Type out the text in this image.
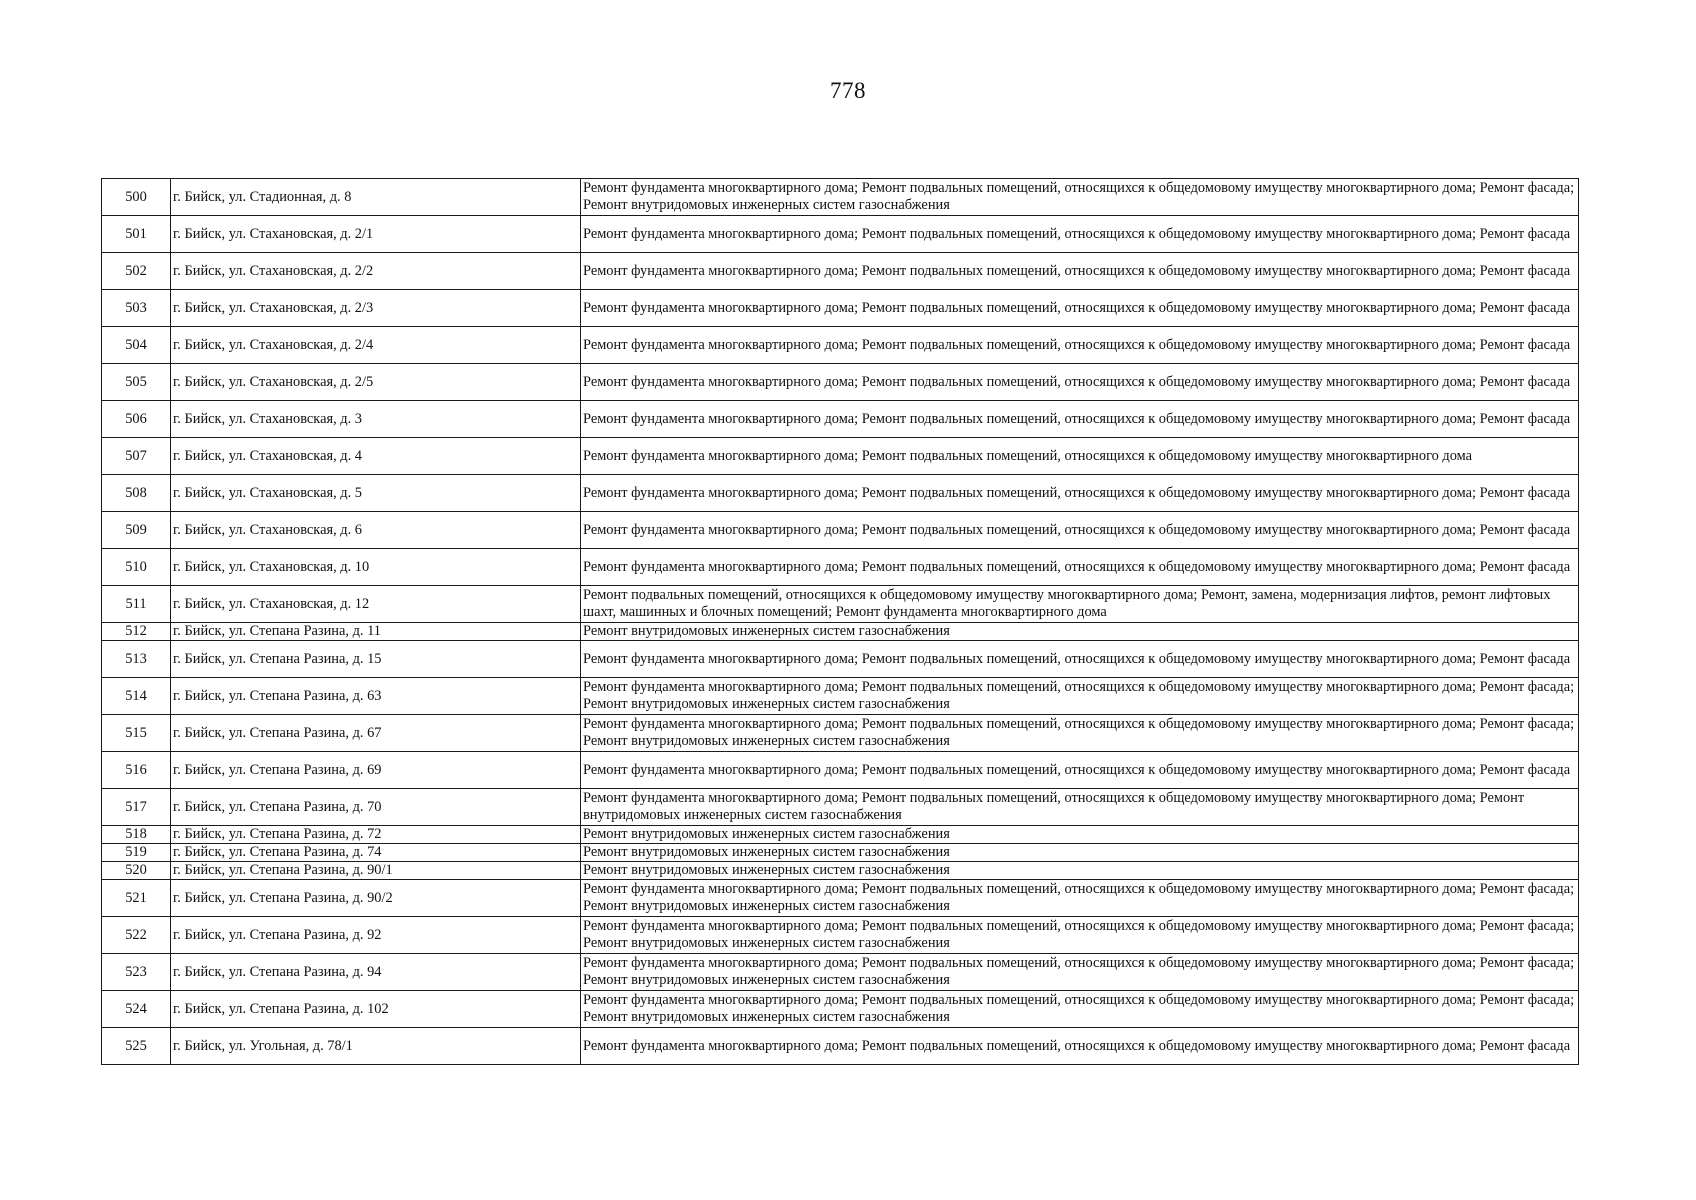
778
500	г. Бийск, ул. Стадионная, д. 8	Ремонт фундамента многоквартирного дома; Ремонт подвальных помещений, относящихся к общедомовому имуществу многоквартирного дома; Ремонт фасада; Ремонт внутридомовых инженерных систем газоснабжения
501	г. Бийск, ул. Стахановская, д. 2/1	Ремонт фундамента многоквартирного дома; Ремонт подвальных помещений, относящихся к общедомовому имуществу многоквартирного дома; Ремонт фасада
502	г. Бийск, ул. Стахановская, д. 2/2	Ремонт фундамента многоквартирного дома; Ремонт подвальных помещений, относящихся к общедомовому имуществу многоквартирного дома; Ремонт фасада
503	г. Бийск, ул. Стахановская, д. 2/3	Ремонт фундамента многоквартирного дома; Ремонт подвальных помещений, относящихся к общедомовому имуществу многоквартирного дома; Ремонт фасада
504	г. Бийск, ул. Стахановская, д. 2/4	Ремонт фундамента многоквартирного дома; Ремонт подвальных помещений, относящихся к общедомовому имуществу многоквартирного дома; Ремонт фасада
505	г. Бийск, ул. Стахановская, д. 2/5	Ремонт фундамента многоквартирного дома; Ремонт подвальных помещений, относящихся к общедомовому имуществу многоквартирного дома; Ремонт фасада
506	г. Бийск, ул. Стахановская, д. 3	Ремонт фундамента многоквартирного дома; Ремонт подвальных помещений, относящихся к общедомовому имуществу многоквартирного дома; Ремонт фасада
507	г. Бийск, ул. Стахановская, д. 4	Ремонт фундамента многоквартирного дома; Ремонт подвальных помещений, относящихся к общедомовому имуществу многоквартирного дома
508	г. Бийск, ул. Стахановская, д. 5	Ремонт фундамента многоквартирного дома; Ремонт подвальных помещений, относящихся к общедомовому имуществу многоквартирного дома; Ремонт фасада
509	г. Бийск, ул. Стахановская, д. 6	Ремонт фундамента многоквартирного дома; Ремонт подвальных помещений, относящихся к общедомовому имуществу многоквартирного дома; Ремонт фасада
510	г. Бийск, ул. Стахановская, д. 10	Ремонт фундамента многоквартирного дома; Ремонт подвальных помещений, относящихся к общедомовому имуществу многоквартирного дома; Ремонт фасада
511	г. Бийск, ул. Стахановская, д. 12	Ремонт подвальных помещений, относящихся к общедомовому имуществу многоквартирного дома; Ремонт, замена, модернизация лифтов, ремонт лифтовых шахт, машинных и блочных помещений; Ремонт фундамента многоквартирного дома
512	г. Бийск, ул. Степана Разина, д. 11	Ремонт внутридомовых инженерных систем газоснабжения
513	г. Бийск, ул. Степана Разина, д. 15	Ремонт фундамента многоквартирного дома; Ремонт подвальных помещений, относящихся к общедомовому имуществу многоквартирного дома; Ремонт фасада
514	г. Бийск, ул. Степана Разина, д. 63	Ремонт фундамента многоквартирного дома; Ремонт подвальных помещений, относящихся к общедомовому имуществу многоквартирного дома; Ремонт фасада; Ремонт внутридомовых инженерных систем газоснабжения
515	г. Бийск, ул. Степана Разина, д. 67	Ремонт фундамента многоквартирного дома; Ремонт подвальных помещений, относящихся к общедомовому имуществу многоквартирного дома; Ремонт фасада; Ремонт внутридомовых инженерных систем газоснабжения
516	г. Бийск, ул. Степана Разина, д. 69	Ремонт фундамента многоквартирного дома; Ремонт подвальных помещений, относящихся к общедомовому имуществу многоквартирного дома; Ремонт фасада
517	г. Бийск, ул. Степана Разина, д. 70	Ремонт фундамента многоквартирного дома; Ремонт подвальных помещений, относящихся к общедомовому имуществу многоквартирного дома; Ремонт внутридомовых инженерных систем газоснабжения
518	г. Бийск, ул. Степана Разина, д. 72	Ремонт внутридомовых инженерных систем газоснабжения
519	г. Бийск, ул. Степана Разина, д. 74	Ремонт внутридомовых инженерных систем газоснабжения
520	г. Бийск, ул. Степана Разина, д. 90/1	Ремонт внутридомовых инженерных систем газоснабжения
521	г. Бийск, ул. Степана Разина, д. 90/2	Ремонт фундамента многоквартирного дома; Ремонт подвальных помещений, относящихся к общедомовому имуществу многоквартирного дома; Ремонт фасада; Ремонт внутридомовых инженерных систем газоснабжения
522	г. Бийск, ул. Степана Разина, д. 92	Ремонт фундамента многоквартирного дома; Ремонт подвальных помещений, относящихся к общедомовому имуществу многоквартирного дома; Ремонт фасада; Ремонт внутридомовых инженерных систем газоснабжения
523	г. Бийск, ул. Степана Разина, д. 94	Ремонт фундамента многоквартирного дома; Ремонт подвальных помещений, относящихся к общедомовому имуществу многоквартирного дома; Ремонт фасада; Ремонт внутридомовых инженерных систем газоснабжения
524	г. Бийск, ул. Степана Разина, д. 102	Ремонт фундамента многоквартирного дома; Ремонт подвальных помещений, относящихся к общедомовому имуществу многоквартирного дома; Ремонт фасада; Ремонт внутридомовых инженерных систем газоснабжения
525	г. Бийск, ул. Угольная, д. 78/1	Ремонт фундамента многоквартирного дома; Ремонт подвальных помещений, относящихся к общедомовому имуществу многоквартирного дома; Ремонт фасада
